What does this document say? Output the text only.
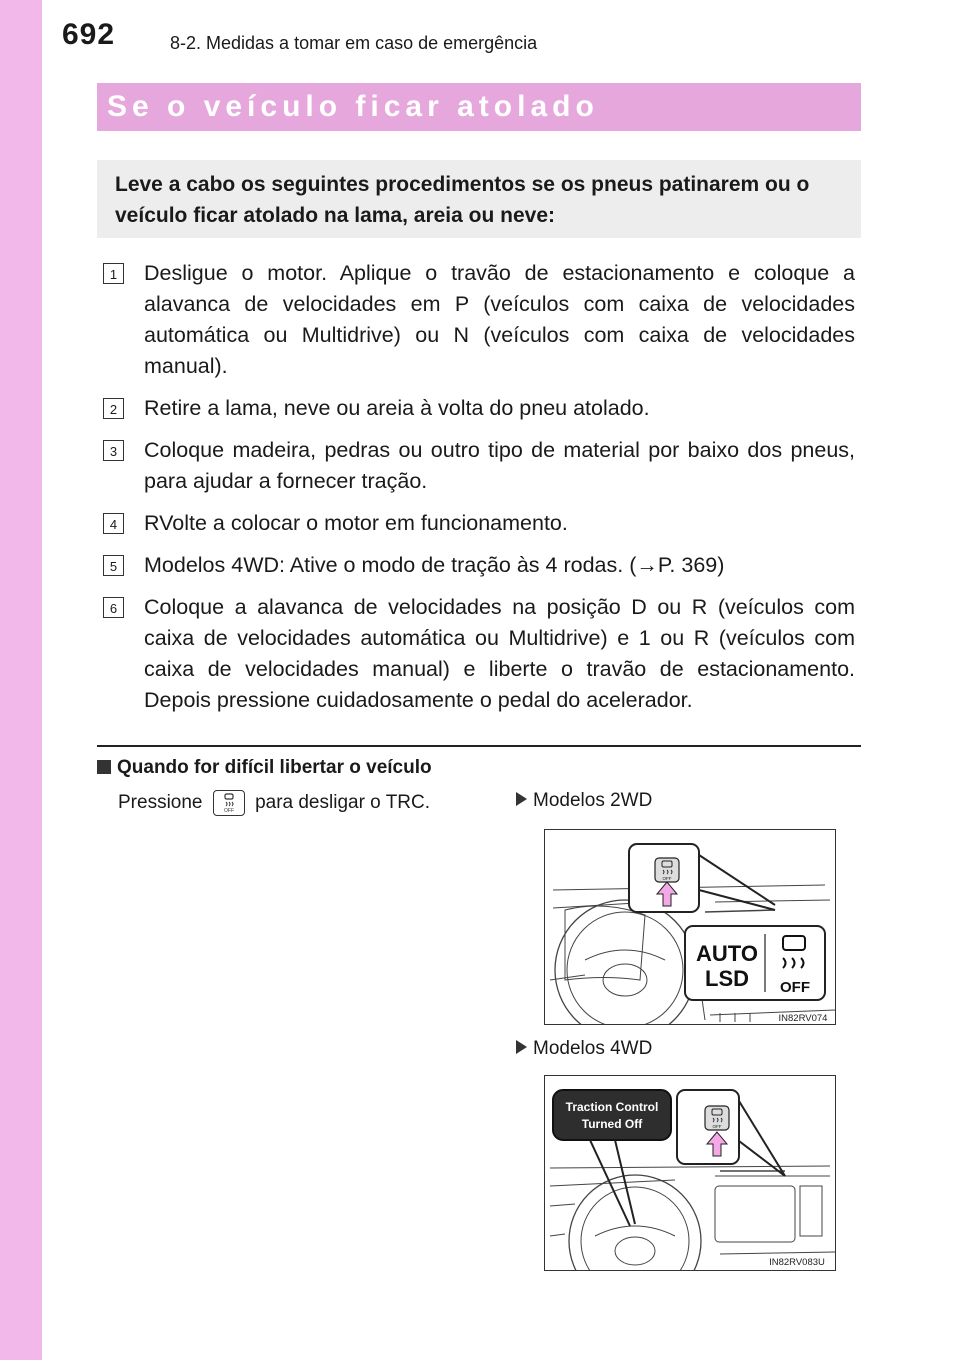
692	8-2. Medidas a tomar em caso de emergência
Se o veículo ficar atolado

Leve a cabo os seguintes procedimentos se os pneus patinarem ou o veículo ficar atolado na lama, areia ou neve:

1	Desligue o motor. Aplique o travão de estacionamento e coloque a alavanca de velocidades em P (veículos com caixa de velocidades automática ou Multidrive) ou N (veículos com caixa de velocidades manual).
2	Retire a lama, neve ou areia à volta do pneu atolado.
3	Coloque madeira, pedras ou outro tipo de material por baixo dos pneus, para ajudar a fornecer tração.
4	RVolte a colocar o motor em funcionamento.
5	Modelos 4WD: Ative o modo de tração às 4 rodas. (→P. 369)
6	Coloque a alavanca de velocidades na posição D ou R (veículos com caixa de velocidades automática ou Multidrive) e 1 ou R (veículos com caixa de velocidades manual) e liberte o travão de estacionamento. Depois pressione cuidadosamente o pedal do acelerador.
Quando for difícil libertar o veículo
Pressione	OFF para desligar o TRC.	Modelos 2WD
OFF
AUTO
LSD OFF
IN82RV074
Modelos 4WD
Traction Control
Turned Off	OFF
IN82RV083U
